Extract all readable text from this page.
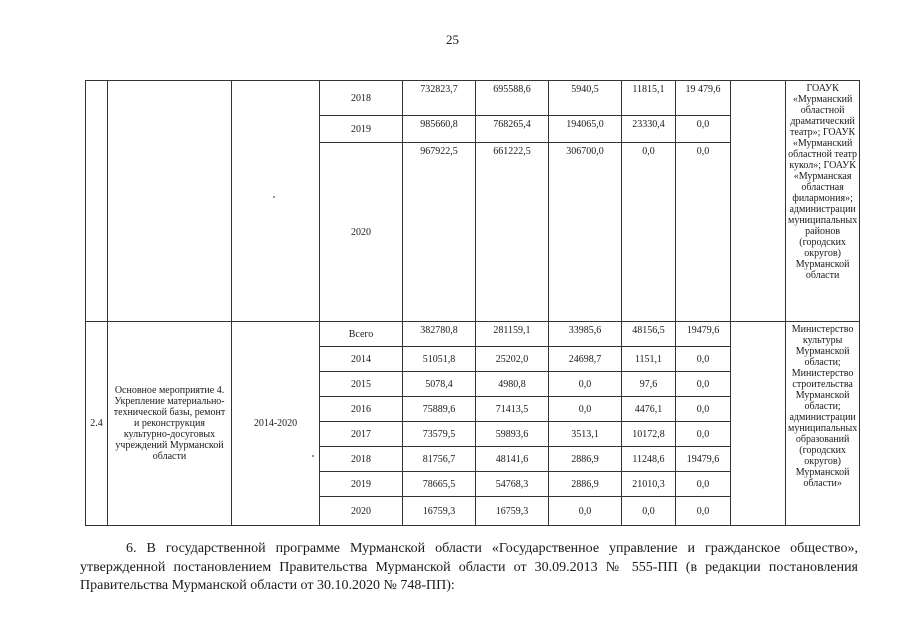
25
			2018	732823,7	695588,6	5940,5	11815,1	19 479,6		ГОАУК «Мурманский областной драматический театр»; ГОАУК «Мурманский областной театр кукол»; ГОАУК «Мурманская областная филармония»; администрации муниципальных районов (городских округов) Мурманской области
			2019	985660,8	768265,4	194065,0	23330,4	0,0		
			2020	967922,5	661222,5	306700,0	0,0	0,0		
2.4	Основное мероприятие 4. Укрепление материально-технической базы, ремонт и реконструкция культурно-досуговых учреждений Мурманской области	2014-2020	Всего	382780,8	281159,1	33985,6	48156,5	19479,6		Министерство культуры Мурманской области; Министерство строительства Мурманской области; администрации муниципальных образований (городских округов) Мурманской области»
			2014	51051,8	25202,0	24698,7	1151,1	0,0		
			2015	5078,4	4980,8	0,0	97,6	0,0		
			2016	75889,6	71413,5	0,0	4476,1	0,0		
			2017	73579,5	59893,6	3513,1	10172,8	0,0		
			2018	81756,7	48141,6	2886,9	11248,6	19479,6		
			2019	78665,5	54768,3	2886,9	21010,3	0,0		
			2020	16759,3	16759,3	0,0	0,0	0,0		
6. В государственной программе Мурманской области «Государственное управление и гражданское общество», утвержденной постановлением Правительства Мурманской области от 30.09.2013 № 555-ПП (в редакции постановления Правительства Мурманской области от 30.10.2020 № 748-ПП):
